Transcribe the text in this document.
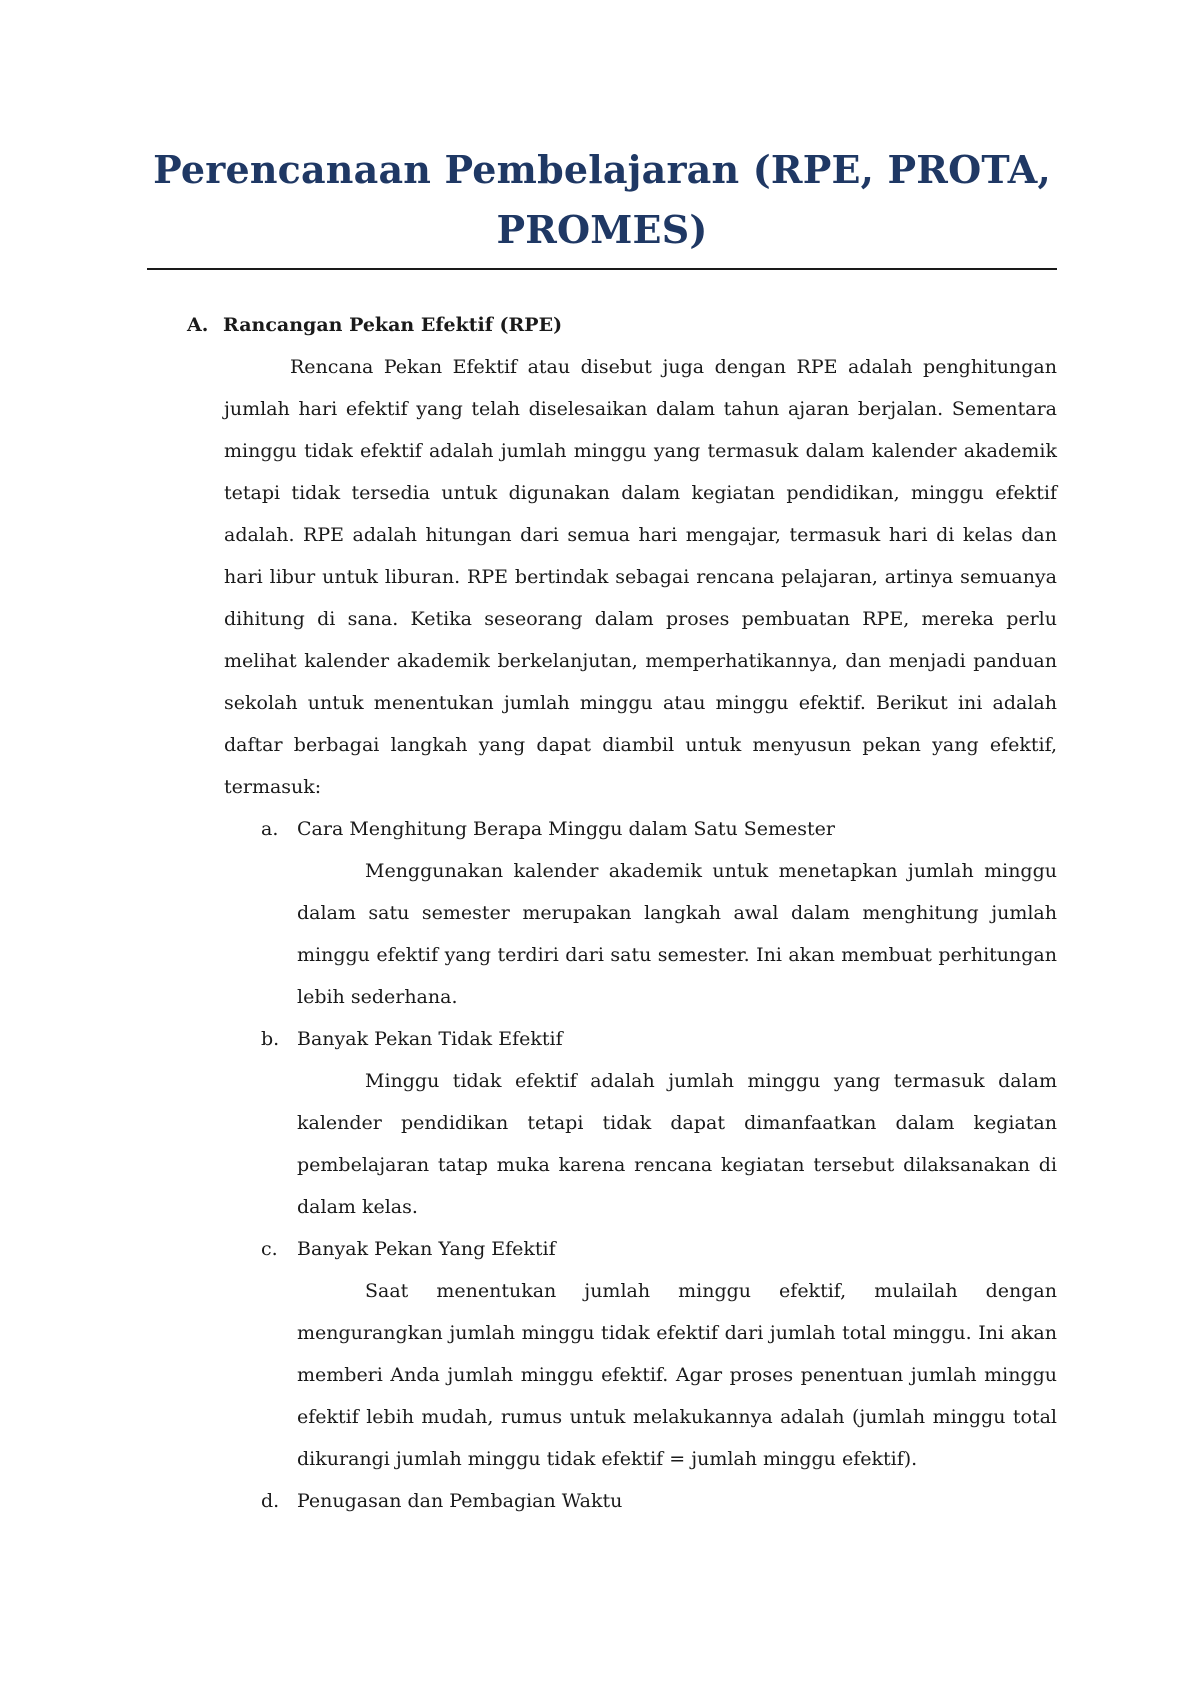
Perencanaan Pembelajaran (RPE, PROTA, PROMES)
A. Rancangan Pekan Efektif (RPE)

Rencana Pekan Efektif atau disebut juga dengan RPE adalah penghitungan jumlah hari efektif yang telah diselesaikan dalam tahun ajaran berjalan. Sementara minggu tidak efektif adalah jumlah minggu yang termasuk dalam kalender akademik tetapi tidak tersedia untuk digunakan dalam kegiatan pendidikan, minggu efektif adalah. RPE adalah hitungan dari semua hari mengajar, termasuk hari di kelas dan hari libur untuk liburan. RPE bertindak sebagai rencana pelajaran, artinya semuanya dihitung di sana. Ketika seseorang dalam proses pembuatan RPE, mereka perlu melihat kalender akademik berkelanjutan, memperhatikannya, dan menjadi panduan sekolah untuk menentukan jumlah minggu atau minggu efektif. Berikut ini adalah daftar berbagai langkah yang dapat diambil untuk menyusun pekan yang efektif, termasuk:

a. Cara Menghitung Berapa Minggu dalam Satu Semester

Menggunakan kalender akademik untuk menetapkan jumlah minggu dalam satu semester merupakan langkah awal dalam menghitung jumlah minggu efektif yang terdiri dari satu semester. Ini akan membuat perhitungan lebih sederhana.

b. Banyak Pekan Tidak Efektif

Minggu tidak efektif adalah jumlah minggu yang termasuk dalam kalender pendidikan tetapi tidak dapat dimanfaatkan dalam kegiatan pembelajaran tatap muka karena rencana kegiatan tersebut dilaksanakan di dalam kelas.

c.	Banyak Pekan Yang Efektif

Saat menentukan jumlah minggu efektif, mulailah dengan mengurangkan jumlah minggu tidak efektif dari jumlah total minggu. Ini akan memberi Anda jumlah minggu efektif. Agar proses penentuan jumlah minggu efektif lebih mudah, rumus untuk melakukannya adalah (jumlah minggu total dikurangi jumlah minggu tidak efektif = jumlah minggu efektif).

d. Penugasan dan Pembagian Waktu
